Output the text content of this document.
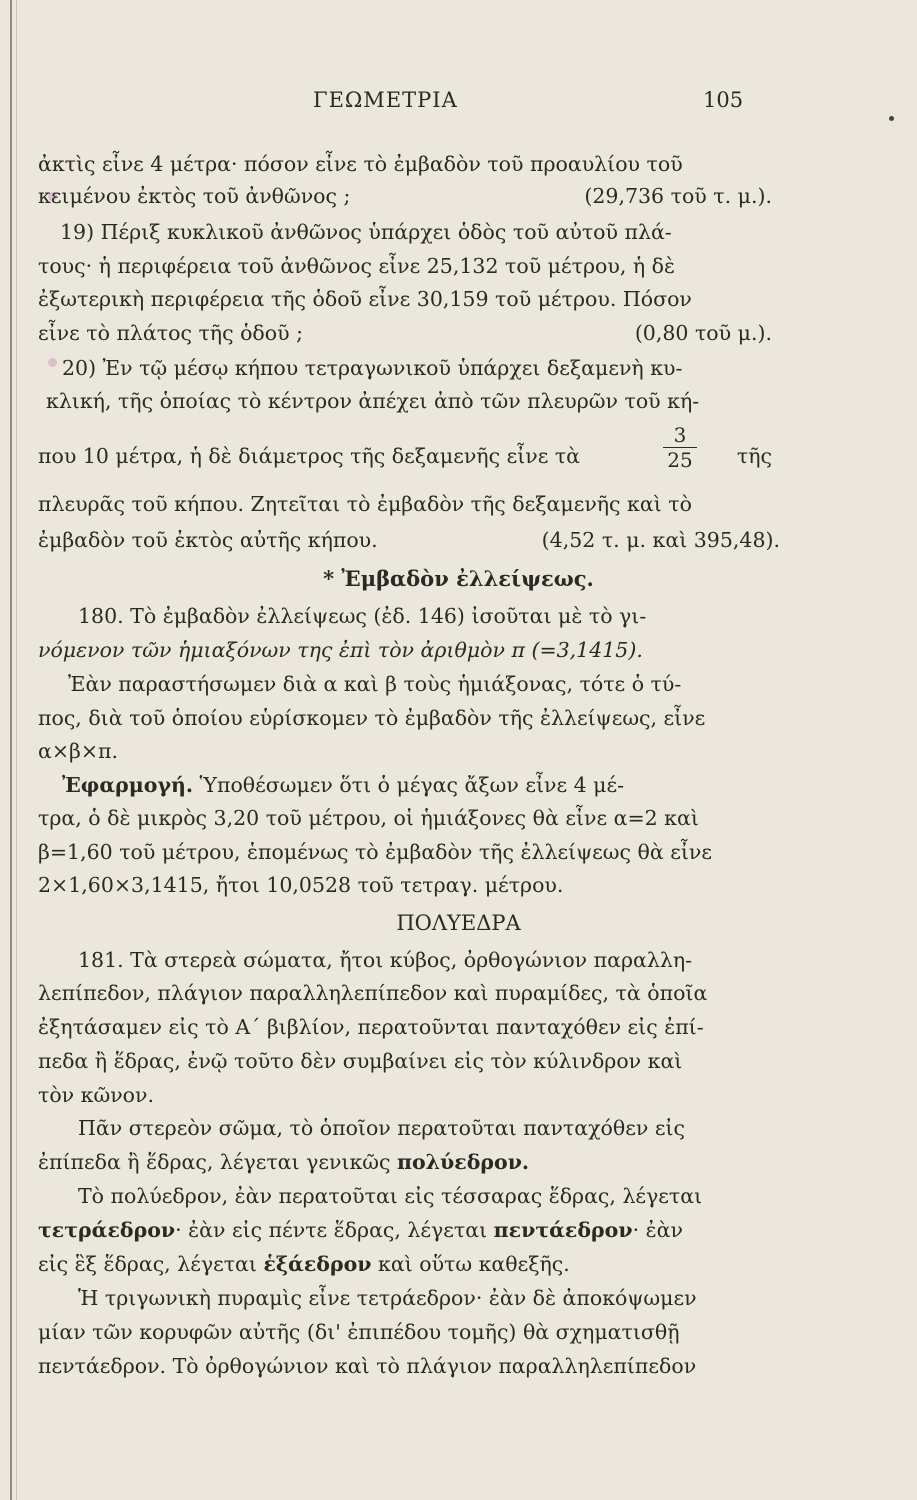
ΓΕΩΜΕΤΡΙΑ	105
ἀκτὶς εἶνε 4 μέτρα· πόσον εἶνε τὸ ἐμβαδὸν τοῦ προαυλίου τοῦ
κειμένου ἐκτὸς τοῦ ἀνθῶνος ;	(29,736 τοῦ τ. μ.).
19) Πέριξ κυκλικοῦ ἀνθῶνος ὑπάρχει ὁδὸς τοῦ αὐτοῦ πλά-
τους· ἡ περιφέρεια τοῦ ἀνθῶνος εἶνε 25,132 τοῦ μέτρου, ἡ δὲ
ἐξωτερικὴ περιφέρεια τῆς ὁδοῦ εἶνε 30,159 τοῦ μέτρου. Πόσον
εἶνε τὸ πλάτος τῆς ὁδοῦ ;	(0,80 τοῦ μ.).
20) Ἐν τῷ μέσῳ κήπου τετραγωνικοῦ ὑπάρχει δεξαμενὴ κυ-
κλική, τῆς ὁποίας τὸ κέντρον ἀπέχει ἀπὸ τῶν πλευρῶν τοῦ κή-
που 10 μέτρα, ἡ δὲ διάμετρος τῆς δεξαμενῆς εἶνε τὰ	τῆς
3
25
πλευρᾶς τοῦ κήπου. Ζητεῖται τὸ ἐμβαδὸν τῆς δεξαμενῆς καὶ τὸ
ἐμβαδὸν τοῦ ἐκτὸς αὐτῆς κήπου.	(4,52 τ. μ. καὶ 395,48).
* Ἐμβαδὸν ἐλλείψεως.
180. Τὸ ἐμβαδὸν ἐλλείψεως (ἐδ. 146) ἰσοῦται μὲ τὸ γι-
νόμενον τῶν ἡμιαξόνων της ἐπὶ τὸν ἀριθμὸν π (=3,1415).
Ἐὰν παραστήσωμεν διὰ α καὶ β τοὺς ἡμιάξονας, τότε ὁ τύ-
πος, διὰ τοῦ ὁποίου εὑρίσκομεν τὸ ἐμβαδὸν τῆς ἐλλείψεως, εἶνε
α×β×π.
Ἐφαρμογή. Ὑποθέσωμεν ὅτι ὁ μέγας ἄξων εἶνε 4 μέ-
τρα, ὁ δὲ μικρὸς 3,20 τοῦ μέτρου, οἱ ἡμιάξονες θὰ εἶνε α=2 καὶ
β=1,60 τοῦ μέτρου, ἑπομένως τὸ ἐμβαδὸν τῆς ἐλλείψεως θὰ εἶνε
2×1,60×3,1415, ἤτοι 10,0528 τοῦ τετραγ. μέτρου.
ΠΟΛΥΕΔΡΑ
181. Τὰ στερεὰ σώματα, ἤτοι κύβος, ὀρθογώνιον παραλλη-
λεπίπεδον, πλάγιον παραλληλεπίπεδον καὶ πυραμίδες, τὰ ὁποῖα
ἐξητάσαμεν εἰς τὸ Α´ βιβλίον, περατοῦνται πανταχόθεν εἰς ἐπί-
πεδα ἢ ἕδρας, ἐνῷ τοῦτο δὲν συμβαίνει εἰς τὸν κύλινδρον καὶ
τὸν κῶνον.
Πᾶν στερεὸν σῶμα, τὸ ὁποῖον περατοῦται πανταχόθεν εἰς
ἐπίπεδα ἢ ἕδρας, λέγεται γενικῶς πολύεδρον.
Τὸ πολύεδρον, ἐὰν περατοῦται εἰς τέσσαρας ἕδρας, λέγεται
τετράεδρον· ἐὰν εἰς πέντε ἕδρας, λέγεται πεντάεδρον· ἐὰν
εἰς ἓξ ἕδρας, λέγεται ἑξάεδρον καὶ οὕτω καθεξῆς.
Ἡ τριγωνικὴ πυραμὶς εἶνε τετράεδρον· ἐὰν δὲ ἀποκόψωμεν
μίαν τῶν κορυφῶν αὐτῆς (δι' ἐπιπέδου τομῆς) θὰ σχηματισθῇ
πεντάεδρον. Τὸ ὀρθογώνιον καὶ τὸ πλάγιον παραλληλεπίπεδον
